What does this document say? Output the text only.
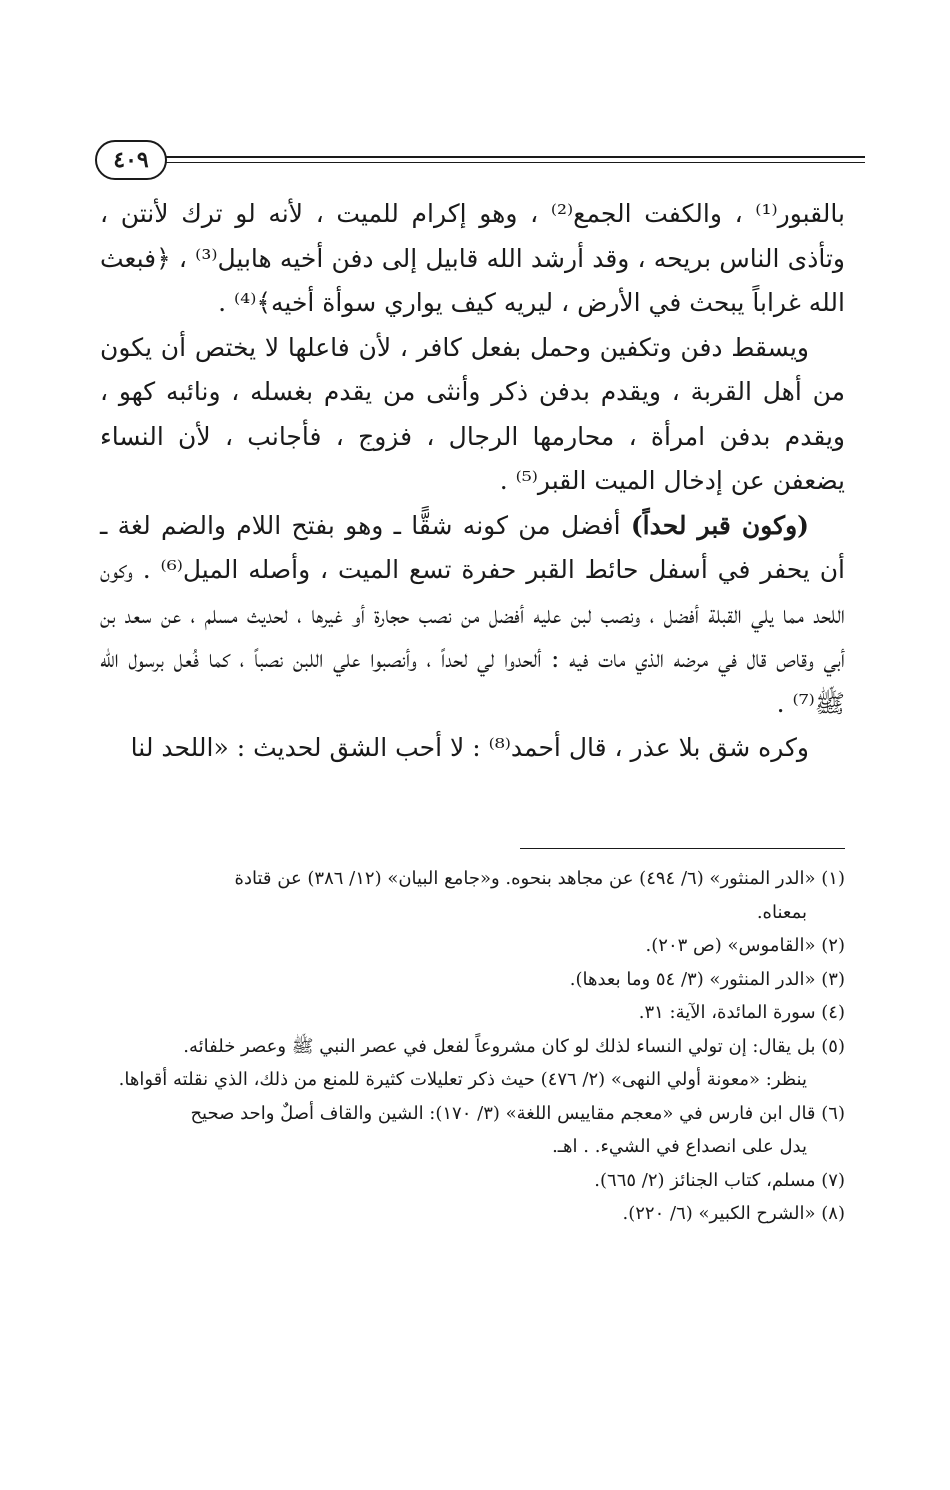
٤٠٩

بالقبور⁽¹⁾ ، والكفت الجمع⁽²⁾ ، وهو إكرام للميت ، لأنه لو ترك لأنتن ، وتأذى الناس بريحه ، وقد أرشد الله قابيل إلى دفن أخيه هابيل⁽³⁾ ، ﴿فبعث الله غراباً يبحث في الأرض ، ليريه كيف يواري سوأة أخيه﴾⁽⁴⁾ .

ويسقط دفن وتكفين وحمل بفعل كافر ، لأن فاعلها لا يختص أن يكون من أهل القربة ، ويقدم بدفن ذكر وأنثى من يقدم بغسله ، ونائبه كهو ، ويقدم بدفن امرأة ، محارمها الرجال ، فزوج ، فأجانب ، لأن النساء يضعفن عن إدخال الميت القبر⁽⁵⁾ .

(وكون قبر لحداً) أفضل من كونه شقًّا ـ وهو بفتح اللام والضم لغة ـ أن يحفر في أسفل حائط القبر حفرة تسع الميت ، وأصله الميل⁽⁶⁾ . وكون اللحد مما يلي القبلة أفضل ، ونصب لبن عليه أفضل من نصب حجارة أو غيرها ، لحديث مسلم ، عن سعد بن أبي وقاص قال في مرضه الذي مات فيه : ألحدوا لي لحداً ، وأنصبوا علي اللبن نصباً ، كما فُعل برسول الله ﷺ⁽⁷⁾ .

وكره شق بلا عذر ، قال أحمد⁽⁸⁾ : لا أحب الشق لحديث : «اللحد لنا

(١) «الدر المنثور» (٦/ ٤٩٤) عن مجاهد بنحوه. و«جامع البيان» (١٢/ ٣٨٦) عن قتادة

بمعناه.

(٢) «القاموس» (ص ٢٠٣).

(٣) «الدر المنثور» (٣/ ٥٤ وما بعدها).

(٤) سورة المائدة، الآية: ٣١.

(٥) بل يقال: إن تولي النساء لذلك لو كان مشروعاً لفعل في عصر النبي ﷺ وعصر خلفائه.

ينظر: «معونة أولي النهى» (٢/ ٤٧٦) حيث ذكر تعليلات كثيرة للمنع من ذلك، الذي نقلته أقواها.

(٦) قال ابن فارس في «معجم مقاييس اللغة» (٣/ ١٧٠): الشين والقاف أصلٌ واحد صحيح

يدل على انصداع في الشيء. . اهـ.

(٧) مسلم، كتاب الجنائز (٢/ ٦٦٥).

(٨) «الشرح الكبير» (٦/ ٢٢٠).
